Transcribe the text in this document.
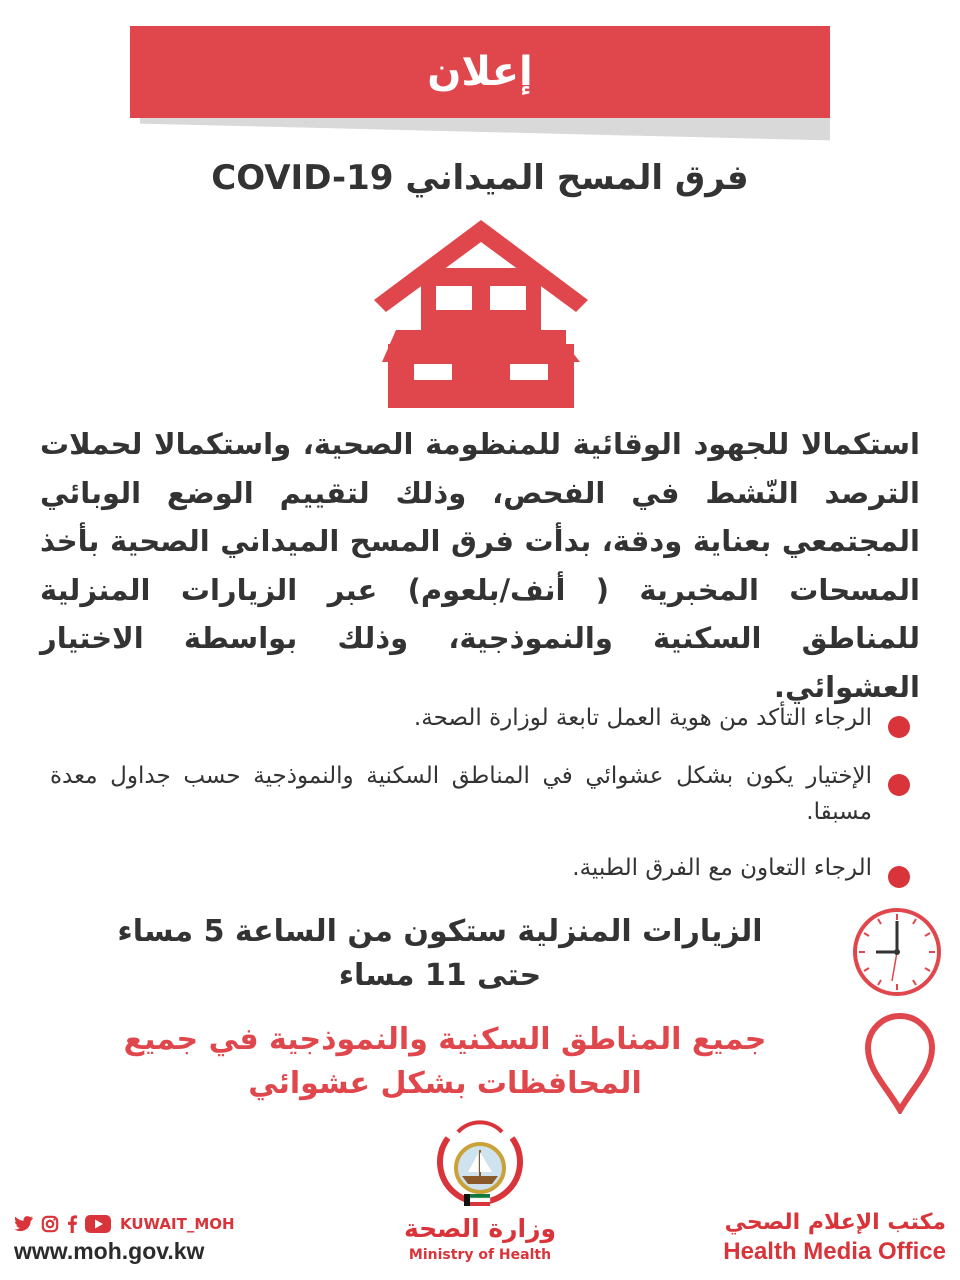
إعلان
فرق المسح الميداني COVID-19
استكمالا للجهود الوقائية للمنظومة الصحية، واستكمالا لحملات الترصد النّشط في الفحص، وذلك لتقييم الوضع الوبائي المجتمعي بعناية ودقة، بدأت فرق المسح الميداني الصحية بأخذ المسحات المخبرية ( أنف/بلعوم) عبر الزيارات المنزلية للمناطق السكنية والنموذجية، وذلك بواسطة الاختيار العشوائي.
الرجاء التأكد من هوية العمل تابعة لوزارة الصحة.
الإختيار يكون بشكل عشوائي في المناطق السكنية والنموذجية حسب جداول معدة مسبقا.
الرجاء التعاون مع الفرق الطبية.
الزيارات المنزلية ستكون من الساعة 5 مساء
حتى 11 مساء
جميع المناطق السكنية والنموذجية في جميع
المحافظات بشكل عشوائي
وزارة الصحة
Ministry of Health
KUWAIT_MOH
www.moh.gov.kw
مكتب الإعلام الصحي
Health Media Office
